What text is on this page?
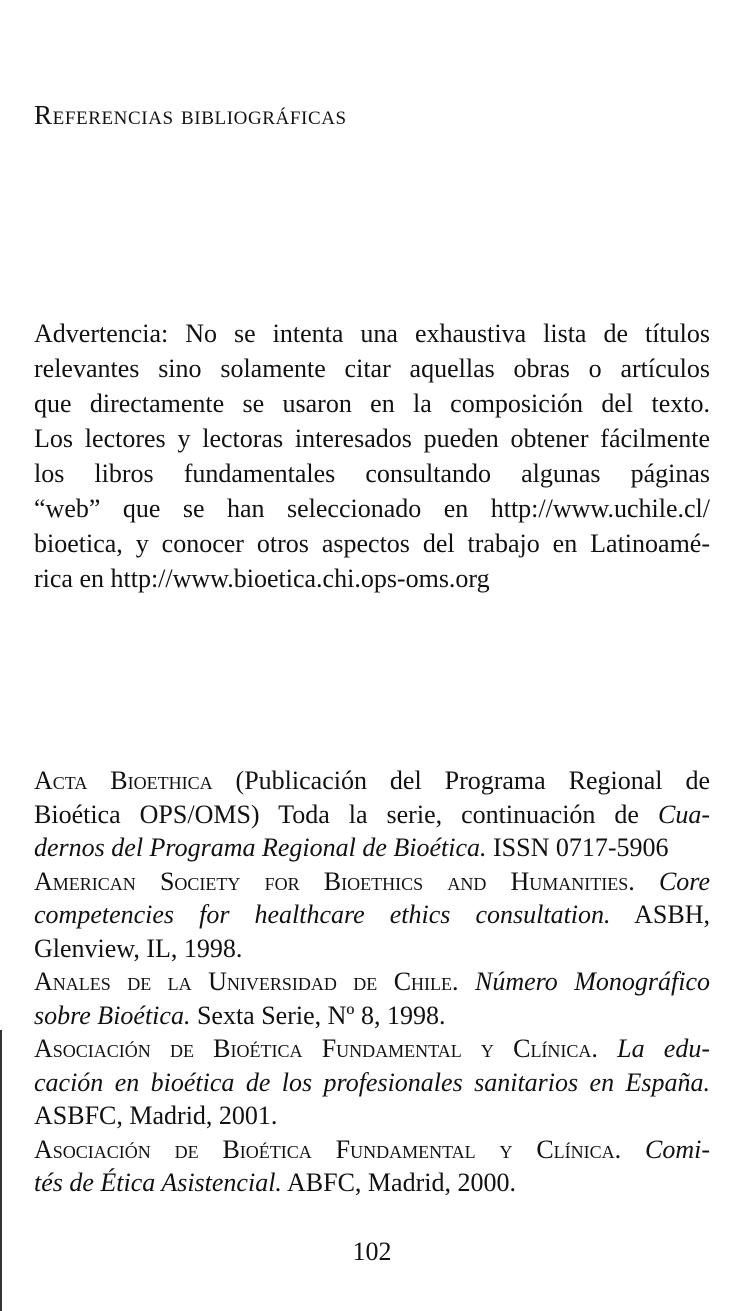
Referencias bibliográficas
Advertencia: No se intenta una exhaustiva lista de títulos
relevantes sino solamente citar aquellas obras o artículos
que directamente se usaron en la composición del texto.
Los lectores y lectoras interesados pueden obtener fácilmente
los libros fundamentales consultando algunas páginas
“web” que se han seleccionado en http://www.uchile.cl/
bioetica, y conocer otros aspectos del trabajo en Latinoamé-
rica en http://www.bioetica.chi.ops-oms.org
Acta Bioethica (Publicación del Programa Regional de
Bioética OPS/OMS) Toda la serie, continuación de Cua-
dernos del Programa Regional de Bioética. ISSN 0717-5906
American Society for Bioethics and Humanities. Core
competencies for healthcare ethics consultation. ASBH,
Glenview, IL, 1998.
Anales de la Universidad de Chile. Número Monográfico
sobre Bioética. Sexta Serie, Nº 8, 1998.
Asociación de Bioética Fundamental y Clínica. La edu-
cación en bioética de los profesionales sanitarios en España.
ASBFC, Madrid, 2001.
Asociación de Bioética Fundamental y Clínica. Comi-
tés de Ética Asistencial. ABFC, Madrid, 2000.
102
